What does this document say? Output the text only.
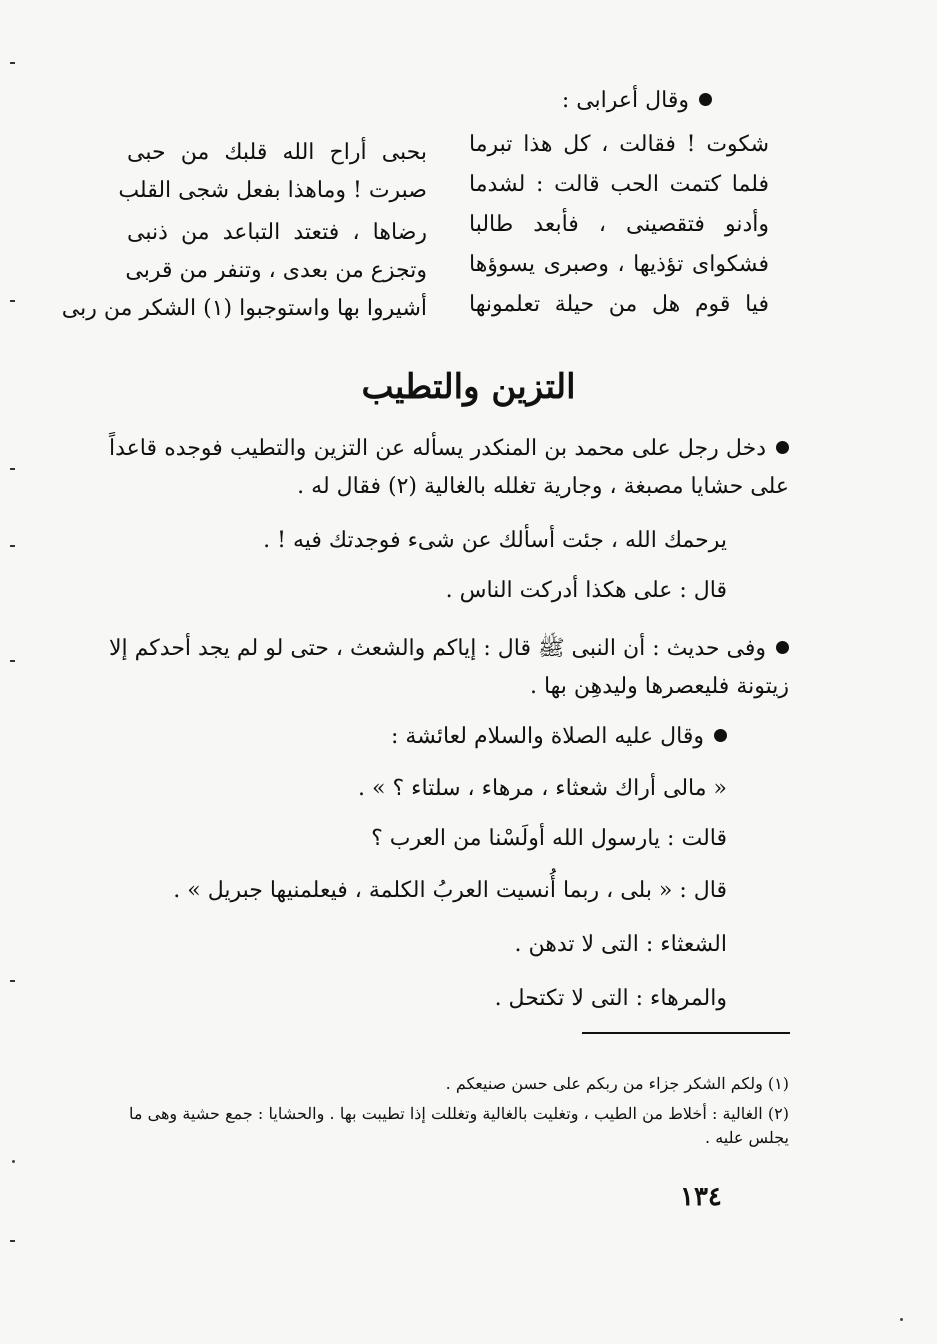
وقال أعرابى :
شكوت ! فقالت ، كل هذا تبرما
بحبى أراح الله قلبك من حبى
فلما كتمت الحب قالت : لشدما
صبرت ! وماهذا بفعل شجى القلب
وأدنو فتقصينى ، فأبعد طالبا
رضاها ، فتعتد التباعد من ذنبى
فشكواى تؤذيها ، وصبرى يسوؤها
وتجزع من بعدى ، وتنفر من قربى
فيا قوم هل من حيلة تعلمونها
أشيروا بها واستوجبوا (١) الشكر من ربى
التزين والتطيب
دخل رجل على محمد بن المنكدر يسأله عن التزين والتطيب فوجده قاعداً على حشايا مصبغة ، وجارية تغلله بالغالية (٢) فقال له .
يرحمك الله ، جئت أسألك عن شىء فوجدتك فيه ! .
قال : على هكذا أدركت الناس .
وفى حديث : أن النبى ﷺ قال : إياكم والشعث ، حتى لو لم يجد أحدكم إلا زيتونة فليعصرها وليدهِن بها .
وقال عليه الصلاة والسلام لعائشة :
« مالى أراك شعثاء ، مرهاء ، سلتاء ؟ » .
قالت : يارسول الله أولَسْنا من العرب ؟
قال : « بلى ، ربما أُنسيت العربُ الكلمة ، فيعلمنيها جبريل » .
الشعثاء : التى لا تدهن .
والمرهاء : التى لا تكتحل .
(١) ولكم الشكر جزاء من ربكم على حسن صنيعكم .
(٢) الغالية : أخلاط من الطيب ، وتغليت بالغالية وتغللت إذا تطيبت بها . والحشايا : جمع حشية وهى ما يجلس عليه .
١٣٤
